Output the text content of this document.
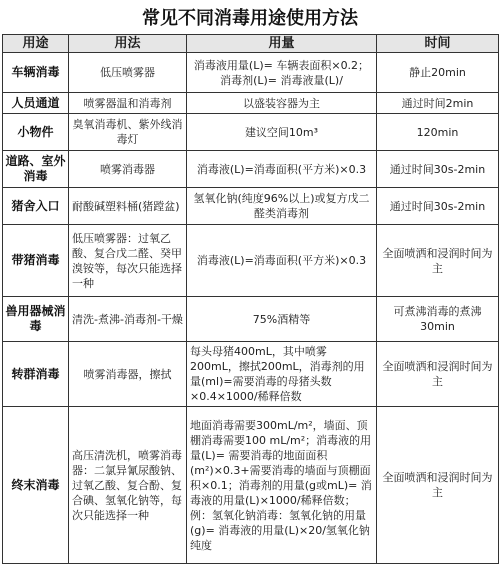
常见不同消毒用途使用方法
用途	用法	用量	时间
车辆消毒	低压喷雾器	消毒液用量(L)= 车辆表面积×0.2；消毒剂(L)= 消毒液量(L)/	静止20min
人员通道	喷雾器温和消毒剂	以盛装容器为主	通过时间2min
小物件	臭氧消毒机、紫外线消毒灯	建议空间10m³	120min
道路、室外消毒	喷雾消毒器	消毒液(L)=消毒面积(平方米)×0.3	通过时间30s-2min
猪舍入口	耐酸碱塑料桶(猪蹚盆)	氢氧化钠(纯度96%以上)或复方戊二醛类消毒剂	通过时间30s-2min
带猪消毒	低压喷雾器：过氧乙酸、复合戊二醛、癸甲溴铵等，每次只能选择一种	消毒液(L)=消毒面积(平方米)×0.3	全面喷洒和浸润时间为主
兽用器械消毒	清洗-煮沸-消毒剂-干燥	75%酒精等	可煮沸消毒的煮沸30min
转群消毒	喷雾消毒器，擦拭	每头母猪400mL，其中喷雾200mL，擦拭200mL，消毒剂的用量(ml)=需要消毒的母猪头数×0.4×1000/稀释倍数	全面喷洒和浸润时间为主
终末消毒	高压清洗机，喷雾消毒器：二氯异氰尿酸钠、过氧乙酸、复合酚、复合碘、氢氧化钠等，每次只能选择一种	地面消毒需要300mL/m²，墙面、顶棚消毒需要100 mL/m²；消毒液的用量(L)= 需要消毒的地面面积(m²)×0.3+需要消毒的墙面与顶棚面积×0.1；消毒剂的用量(g或mL)= 消毒液的用量(L)×1000/稀释倍数；例：氢氧化钠消毒：氢氧化钠的用量(g)= 消毒液的用量(L)×20/氢氧化钠纯度	全面喷洒和浸润时间为主
